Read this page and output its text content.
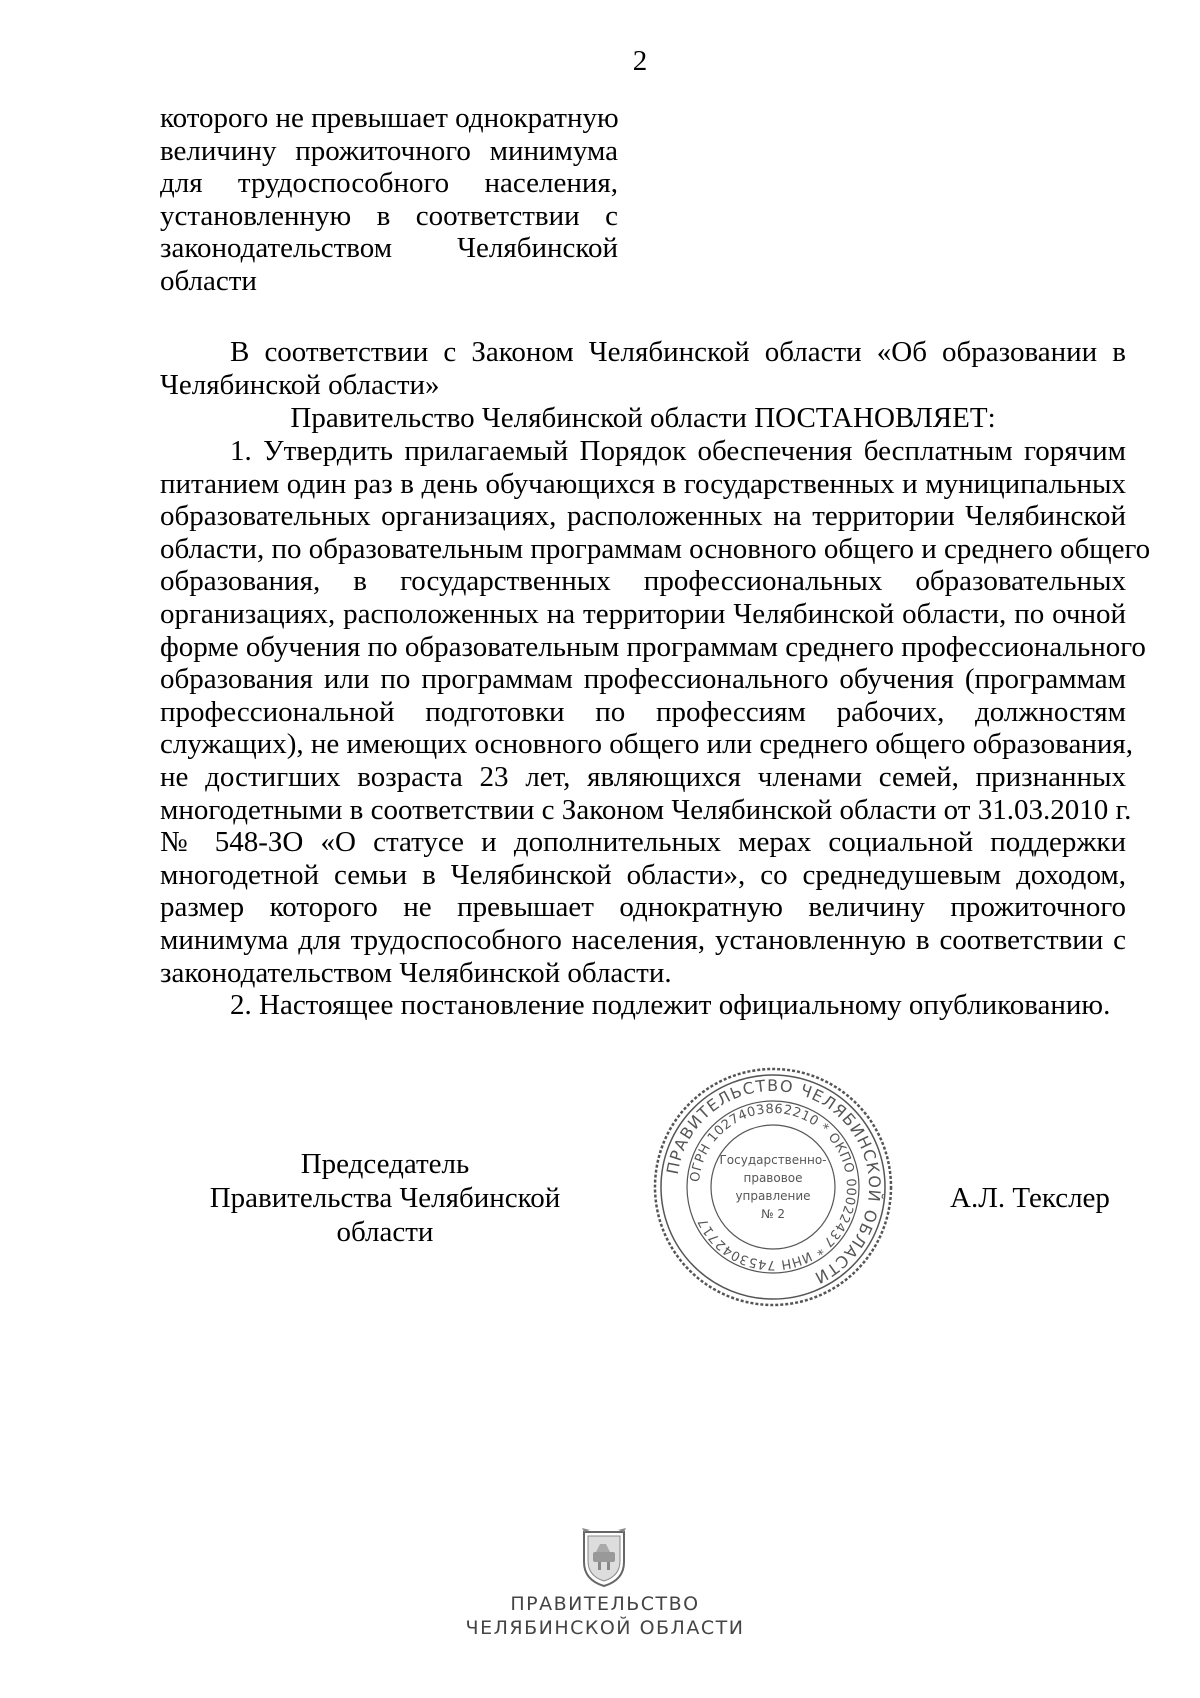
2
которого не превышает однократную
величину прожиточного минимума
для трудоспособного населения,
установленную в соответствии с
законодательством Челябинской
области
В соответствии с Законом Челябинской области «Об образовании в
Челябинской области»
Правительство Челябинской области ПОСТАНОВЛЯЕТ:
1. Утвердить прилагаемый Порядок обеспечения бесплатным горячим
питанием один раз в день обучающихся в государственных и муниципальных
образовательных организациях, расположенных на территории Челябинской
области, по образовательным программам основного общего и среднего общего
образования, в государственных профессиональных образовательных
организациях, расположенных на территории Челябинской области, по очной
форме обучения по образовательным программам среднего профессионального
образования или по программам профессионального обучения (программам
профессиональной подготовки по профессиям рабочих, должностям
служащих), не имеющих основного общего или среднего общего образования,
не достигших возраста 23 лет, являющихся членами семей, признанных
многодетными в соответствии с Законом Челябинской области от 31.03.2010 г.
№ 548-ЗО «О статусе и дополнительных мерах социальной поддержки
многодетной семьи в Челябинской области», со среднедушевым доходом,
размер которого не превышает однократную величину прожиточного
минимума для трудоспособного населения, установленную в соответствии с
законодательством Челябинской области.
2. Настоящее постановление подлежит официальному опубликованию.
Председатель
Правительства Челябинской области
ПРАВИТЕЛЬСТВО ЧЕЛЯБИНСКОЙ ОБЛАСТИ
ОГРН 1027403862210 * ОКПО 00022437 * ИНН 7453042717
Государственно-
правовое
управление
№ 2	А.Л. Текслер
ПРАВИТЕЛЬСТВО
ЧЕЛЯБИНСКОЙ ОБЛАСТИ
